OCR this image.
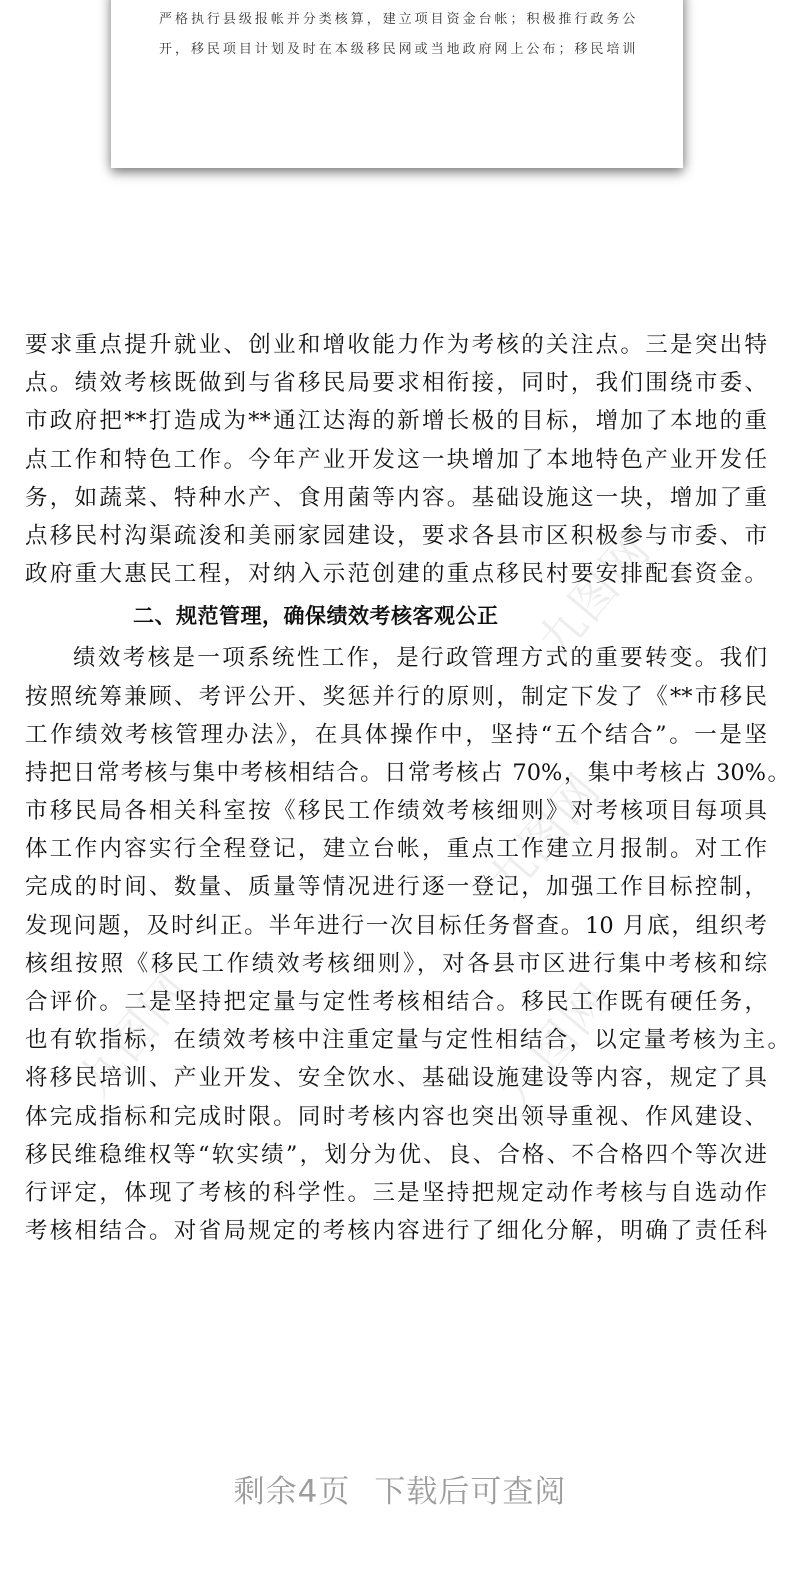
严格执行县级报帐并分类核算，建立项目资金台帐；积极推行政务公
开，移民项目计划及时在本级移民网或当地政府网上公布；移民培训
九图网
九图网
九图网	九图网
要求重点提升就业、创业和增收能力作为考核的关注点。三是突出特
点。绩效考核既做到与省移民局要求相衔接，同时，我们围绕市委、
市政府把**打造成为**通江达海的新增长极的目标，增加了本地的重
点工作和特色工作。今年产业开发这一块增加了本地特色产业开发任
务，如蔬菜、特种水产、食用菌等内容。基础设施这一块，增加了重
点移民村沟渠疏浚和美丽家园建设，要求各县市区积极参与市委、市
政府重大惠民工程，对纳入示范创建的重点移民村要安排配套资金。
二、规范管理，确保绩效考核客观公正
绩效考核是一项系统性工作，是行政管理方式的重要转变。我们
按照统筹兼顾、考评公开、奖惩并行的原则，制定下发了《**市移民
工作绩效考核管理办法》，在具体操作中，坚持“五个结合”。一是坚
持把日常考核与集中考核相结合。日常考核占 70%，集中考核占 30%。
市移民局各相关科室按《移民工作绩效考核细则》对考核项目每项具
体工作内容实行全程登记，建立台帐，重点工作建立月报制。对工作
完成的时间、数量、质量等情况进行逐一登记，加强工作目标控制，
发现问题，及时纠正。半年进行一次目标任务督查。10 月底，组织考
核组按照《移民工作绩效考核细则》，对各县市区进行集中考核和综
合评价。二是坚持把定量与定性考核相结合。移民工作既有硬任务，
也有软指标，在绩效考核中注重定量与定性相结合，以定量考核为主。
将移民培训、产业开发、安全饮水、基础设施建设等内容，规定了具
体完成指标和完成时限。同时考核内容也突出领导重视、作风建设、
移民维稳维权等“软实绩”，划分为优、良、合格、不合格四个等次进
行评定，体现了考核的科学性。三是坚持把规定动作考核与自选动作
考核相结合。对省局规定的考核内容进行了细化分解，明确了责任科
剩余4页 下载后可查阅
